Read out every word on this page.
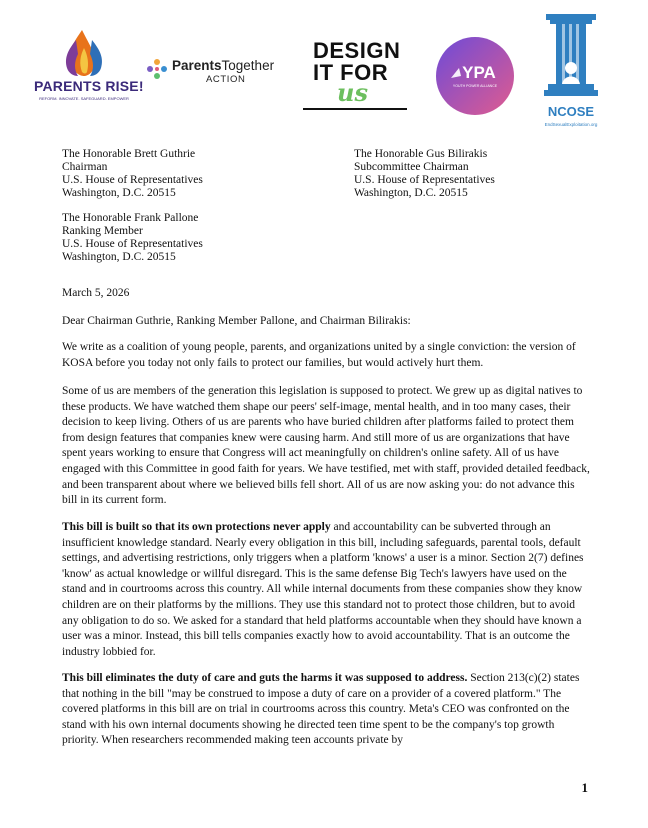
PARENTS RISE!
REFORM. INNOVATE. SAFEGUARD. EMPOWER
ParentsTogether
ACTION
DESIGN
IT FOR
us
YPA
YOUTH POWER ALLIANCE
NCOSE
EndSexualExploitation.org
The Honorable Brett Guthrie
Chairman
U.S. House of Representatives
Washington, D.C. 20515
The Honorable Gus Bilirakis
Subcommittee Chairman
U.S. House of Representatives
Washington, D.C. 20515
The Honorable Frank Pallone
Ranking Member
U.S. House of Representatives
Washington, D.C. 20515
March 5, 2026
Dear Chairman Guthrie, Ranking Member Pallone, and Chairman Bilirakis:

We write as a coalition of young people, parents, and organizations united by a single conviction: the version of KOSA before you today not only fails to protect our families, but would actively hurt them.

Some of us are members of the generation this legislation is supposed to protect. We grew up as digital natives to these products. We have watched them shape our peers' self-image, mental health, and in too many cases, their decision to keep living. Others of us are parents who have buried children after platforms failed to protect them from design features that companies knew were causing harm. And still more of us are organizations that have spent years working to ensure that Congress will act meaningfully on children's online safety. All of us have engaged with this Committee in good faith for years. We have testified, met with staff, provided detailed feedback, and been transparent about where we believed bills fell short. All of us are now asking you: do not advance this bill in its current form.

This bill is built so that its own protections never apply and accountability can be subverted through an insufficient knowledge standard. Nearly every obligation in this bill, including safeguards, parental tools, default settings, and advertising restrictions, only triggers when a platform 'knows' a user is a minor. Section 2(7) defines 'know' as actual knowledge or willful disregard. This is the same defense Big Tech's lawyers have used on the stand and in courtrooms across this country. All while internal documents from these companies show they know children are on their platforms by the millions. They use this standard not to protect those children, but to avoid any obligation to do so. We asked for a standard that held platforms accountable when they should have known a user was a minor. Instead, this bill tells companies exactly how to avoid accountability. That is an outcome the industry lobbied for.

This bill eliminates the duty of care and guts the harms it was supposed to address. Section 213(c)(2) states that nothing in the bill "may be construed to impose a duty of care on a provider of a covered platform." The covered platforms in this bill are on trial in courtrooms across this country. Meta's CEO was confronted on the stand with his own internal documents showing he directed teen time spent to be the company's top growth priority. When researchers recommended making teen accounts private by

1
